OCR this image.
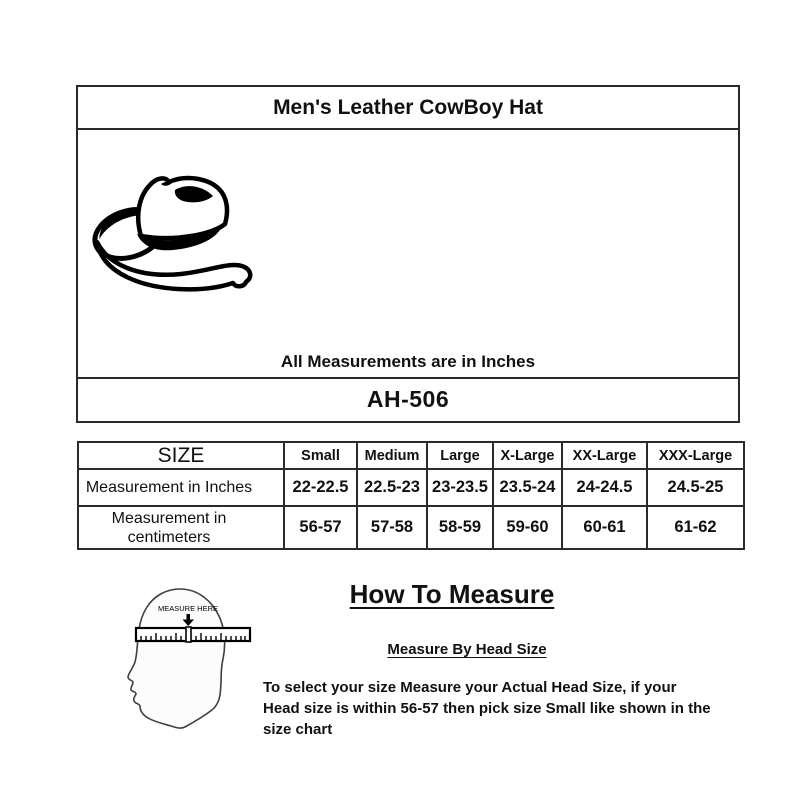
Men's Leather CowBoy Hat
All Measurements are in Inches
AH-506
SIZE	Small	Medium	Large	X-Large	XX-Large	XXX-Large

Measurement in Inches	22-22.5	22.5-23	23-23.5	23.5-24	24-24.5	24.5-25

Measurement in centimeters	56-57	57-58	58-59	59-60	60-61	61-62
How To Measure
MEASURE HERE
Measure By Head Size
To select your size Measure your Actual Head Size, if your Head size is within 56-57 then pick size Small like shown in the size chart
